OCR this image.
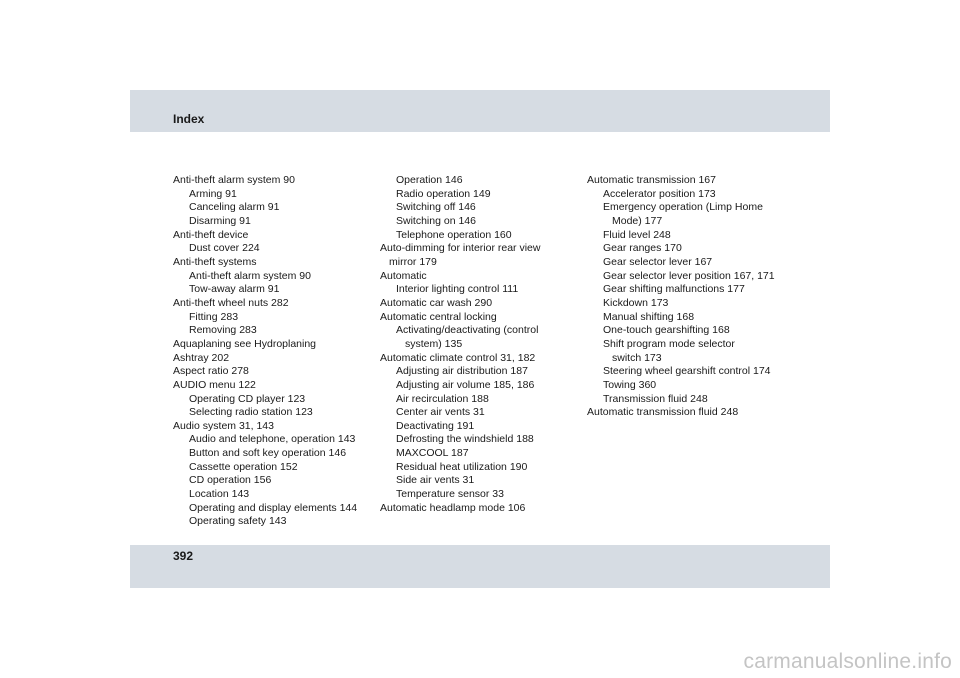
Index
Anti-theft alarm system 90
Arming 91
Canceling alarm 91
Disarming 91
Anti-theft device
Dust cover 224
Anti-theft systems
Anti-theft alarm system 90
Tow-away alarm 91
Anti-theft wheel nuts 282
Fitting 283
Removing 283
Aquaplaning see Hydroplaning
Ashtray 202
Aspect ratio 278
AUDIO menu 122
Operating CD player 123
Selecting radio station 123
Audio system 31, 143
Audio and telephone, operation 143
Button and soft key operation 146
Cassette operation 152
CD operation 156
Location 143
Operating and display elements 144
Operating safety 143
Operation 146
Radio operation 149
Switching off 146
Switching on 146
Telephone operation 160
Auto-dimming for interior rear view
mirror 179
Automatic
Interior lighting control 111
Automatic car wash 290
Automatic central locking
Activating/deactivating (control
system) 135
Automatic climate control 31, 182
Adjusting air distribution 187
Adjusting air volume 185, 186
Air recirculation 188
Center air vents 31
Deactivating 191
Defrosting the windshield 188
MAXCOOL 187
Residual heat utilization 190
Side air vents 31
Temperature sensor 33
Automatic headlamp mode 106
Automatic transmission 167
Accelerator position 173
Emergency operation (Limp Home
Mode) 177
Fluid level 248
Gear ranges 170
Gear selector lever 167
Gear selector lever position 167, 171
Gear shifting malfunctions 177
Kickdown 173
Manual shifting 168
One-touch gearshifting 168
Shift program mode selector
switch 173
Steering wheel gearshift control 174
Towing 360
Transmission fluid 248
Automatic transmission fluid 248
392
carmanualsonline.info
